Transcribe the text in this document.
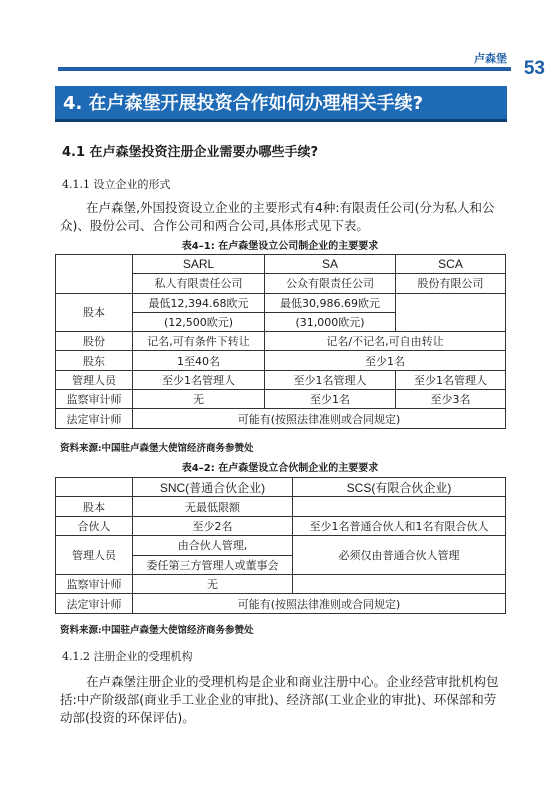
卢森堡 53
4. 在卢森堡开展投资合作如何办理相关手续?
4.1 在卢森堡投资注册企业需要办哪些手续?
4.1.1 设立企业的形式
在卢森堡,外国投资设立企业的主要形式有4种:有限责任公司(分为私人和公众)、股份公司、合作公司和两合公司,具体形式见下表。
表4–1: 在卢森堡设立公司制企业的主要要求
	SARL	SA	SCA
	私人有限责任公司	公众有限责任公司	股份有限公司
股本	最低12,394.68欧元	最低30,986.69欧元	
	(12,500欧元)	(31,000欧元)	
股份	记名,可有条件下转让	记名/不记名,可自由转让	
股东	1至40名	至少1名	
管理人员	至少1名管理人	至少1名管理人	至少1名管理人
监察审计师	无	至少1名	至少3名
法定审计师	可能有(按照法律准则或合同规定)		
资料来源:中国驻卢森堡大使馆经济商务参赞处
表4–2: 在卢森堡设立合伙制企业的主要要求
	SNC(普通合伙企业)	SCS(有限合伙企业)
股本	无最低限额	
合伙人	至少2名	至少1名普通合伙人和1名有限合伙人
管理人员	由合伙人管理,	必须仅由普通合伙人管理
	委任第三方管理人或董事会	
监察审计师	无	
法定审计师	可能有(按照法律准则或合同规定)	
资料来源:中国驻卢森堡大使馆经济商务参赞处
4.1.2 注册企业的受理机构
在卢森堡注册企业的受理机构是企业和商业注册中心。企业经营审批机构包括:中产阶级部(商业手工业企业的审批)、经济部(工业企业的审批)、环保部和劳动部(投资的环保评估)。
